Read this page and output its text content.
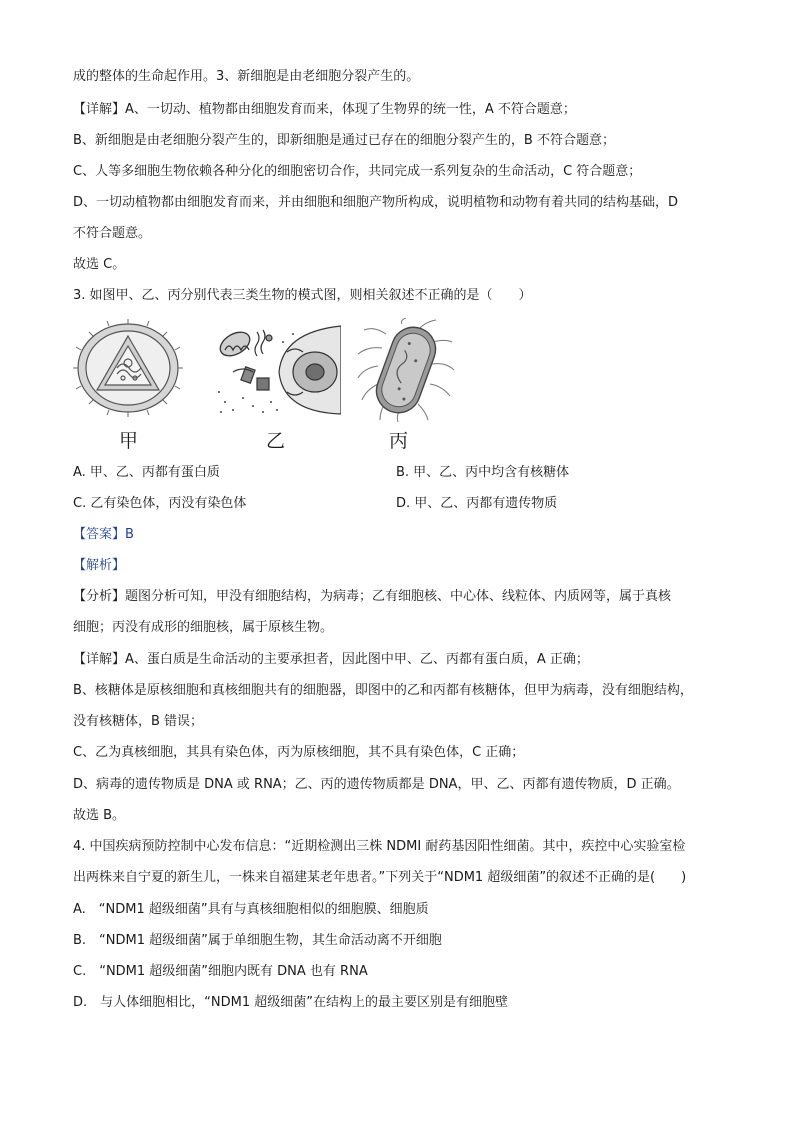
成的整体的生命起作用。3、新细胞是由老细胞分裂产生的。
【详解】A、一切动、植物都由细胞发育而来，体现了生物界的统一性，A 不符合题意；
B、新细胞是由老细胞分裂产生的，即新细胞是通过已存在的细胞分裂产生的，B 不符合题意；
C、人等多细胞生物依赖各种分化的细胞密切合作，共同完成一系列复杂的生命活动，C 符合题意；
D、一切动植物都由细胞发育而来，并由细胞和细胞产物所构成，说明植物和动物有着共同的结构基础，D
不符合题意。
故选 C。
3. 如图甲、乙、丙分别代表三类生物的模式图，则相关叙述不正确的是（　　）
甲	乙	丙
A. 甲、乙、丙都有蛋白质	B. 甲、乙、丙中均含有核糖体
C. 乙有染色体，丙没有染色体	D. 甲、乙、丙都有遗传物质
【答案】B
【解析】
【分析】题图分析可知，甲没有细胞结构，为病毒；乙有细胞核、中心体、线粒体、内质网等，属于真核
细胞；丙没有成形的细胞核，属于原核生物。
【详解】A、蛋白质是生命活动的主要承担者，因此图中甲、乙、丙都有蛋白质，A 正确；
B、核糖体是原核细胞和真核细胞共有的细胞器，即图中的乙和丙都有核糖体，但甲为病毒，没有细胞结构，
没有核糖体，B 错误；
C、乙为真核细胞，其具有染色体，丙为原核细胞，其不具有染色体，C 正确；
D、病毒的遗传物质是 DNA 或 RNA；乙、丙的遗传物质都是 DNA，甲、乙、丙都有遗传物质，D 正确。
故选 B。
4. 中国疾病预防控制中心发布信息：“近期检测出三株 NDMI 耐药基因阳性细菌。其中，疾控中心实验室检
出两株来自宁夏的新生儿，一株来自福建某老年患者。”下列关于“NDM1 超级细菌”的叙述不正确的是(　　)
A.　“NDM1 超级细菌”具有与真核细胞相似的细胞膜、细胞质
B.　“NDM1 超级细菌”属于单细胞生物，其生命活动离不开细胞
C.　“NDM1 超级细菌”细胞内既有 DNA 也有 RNA
D.　与人体细胞相比，“NDM1 超级细菌”在结构上的最主要区别是有细胞壁
